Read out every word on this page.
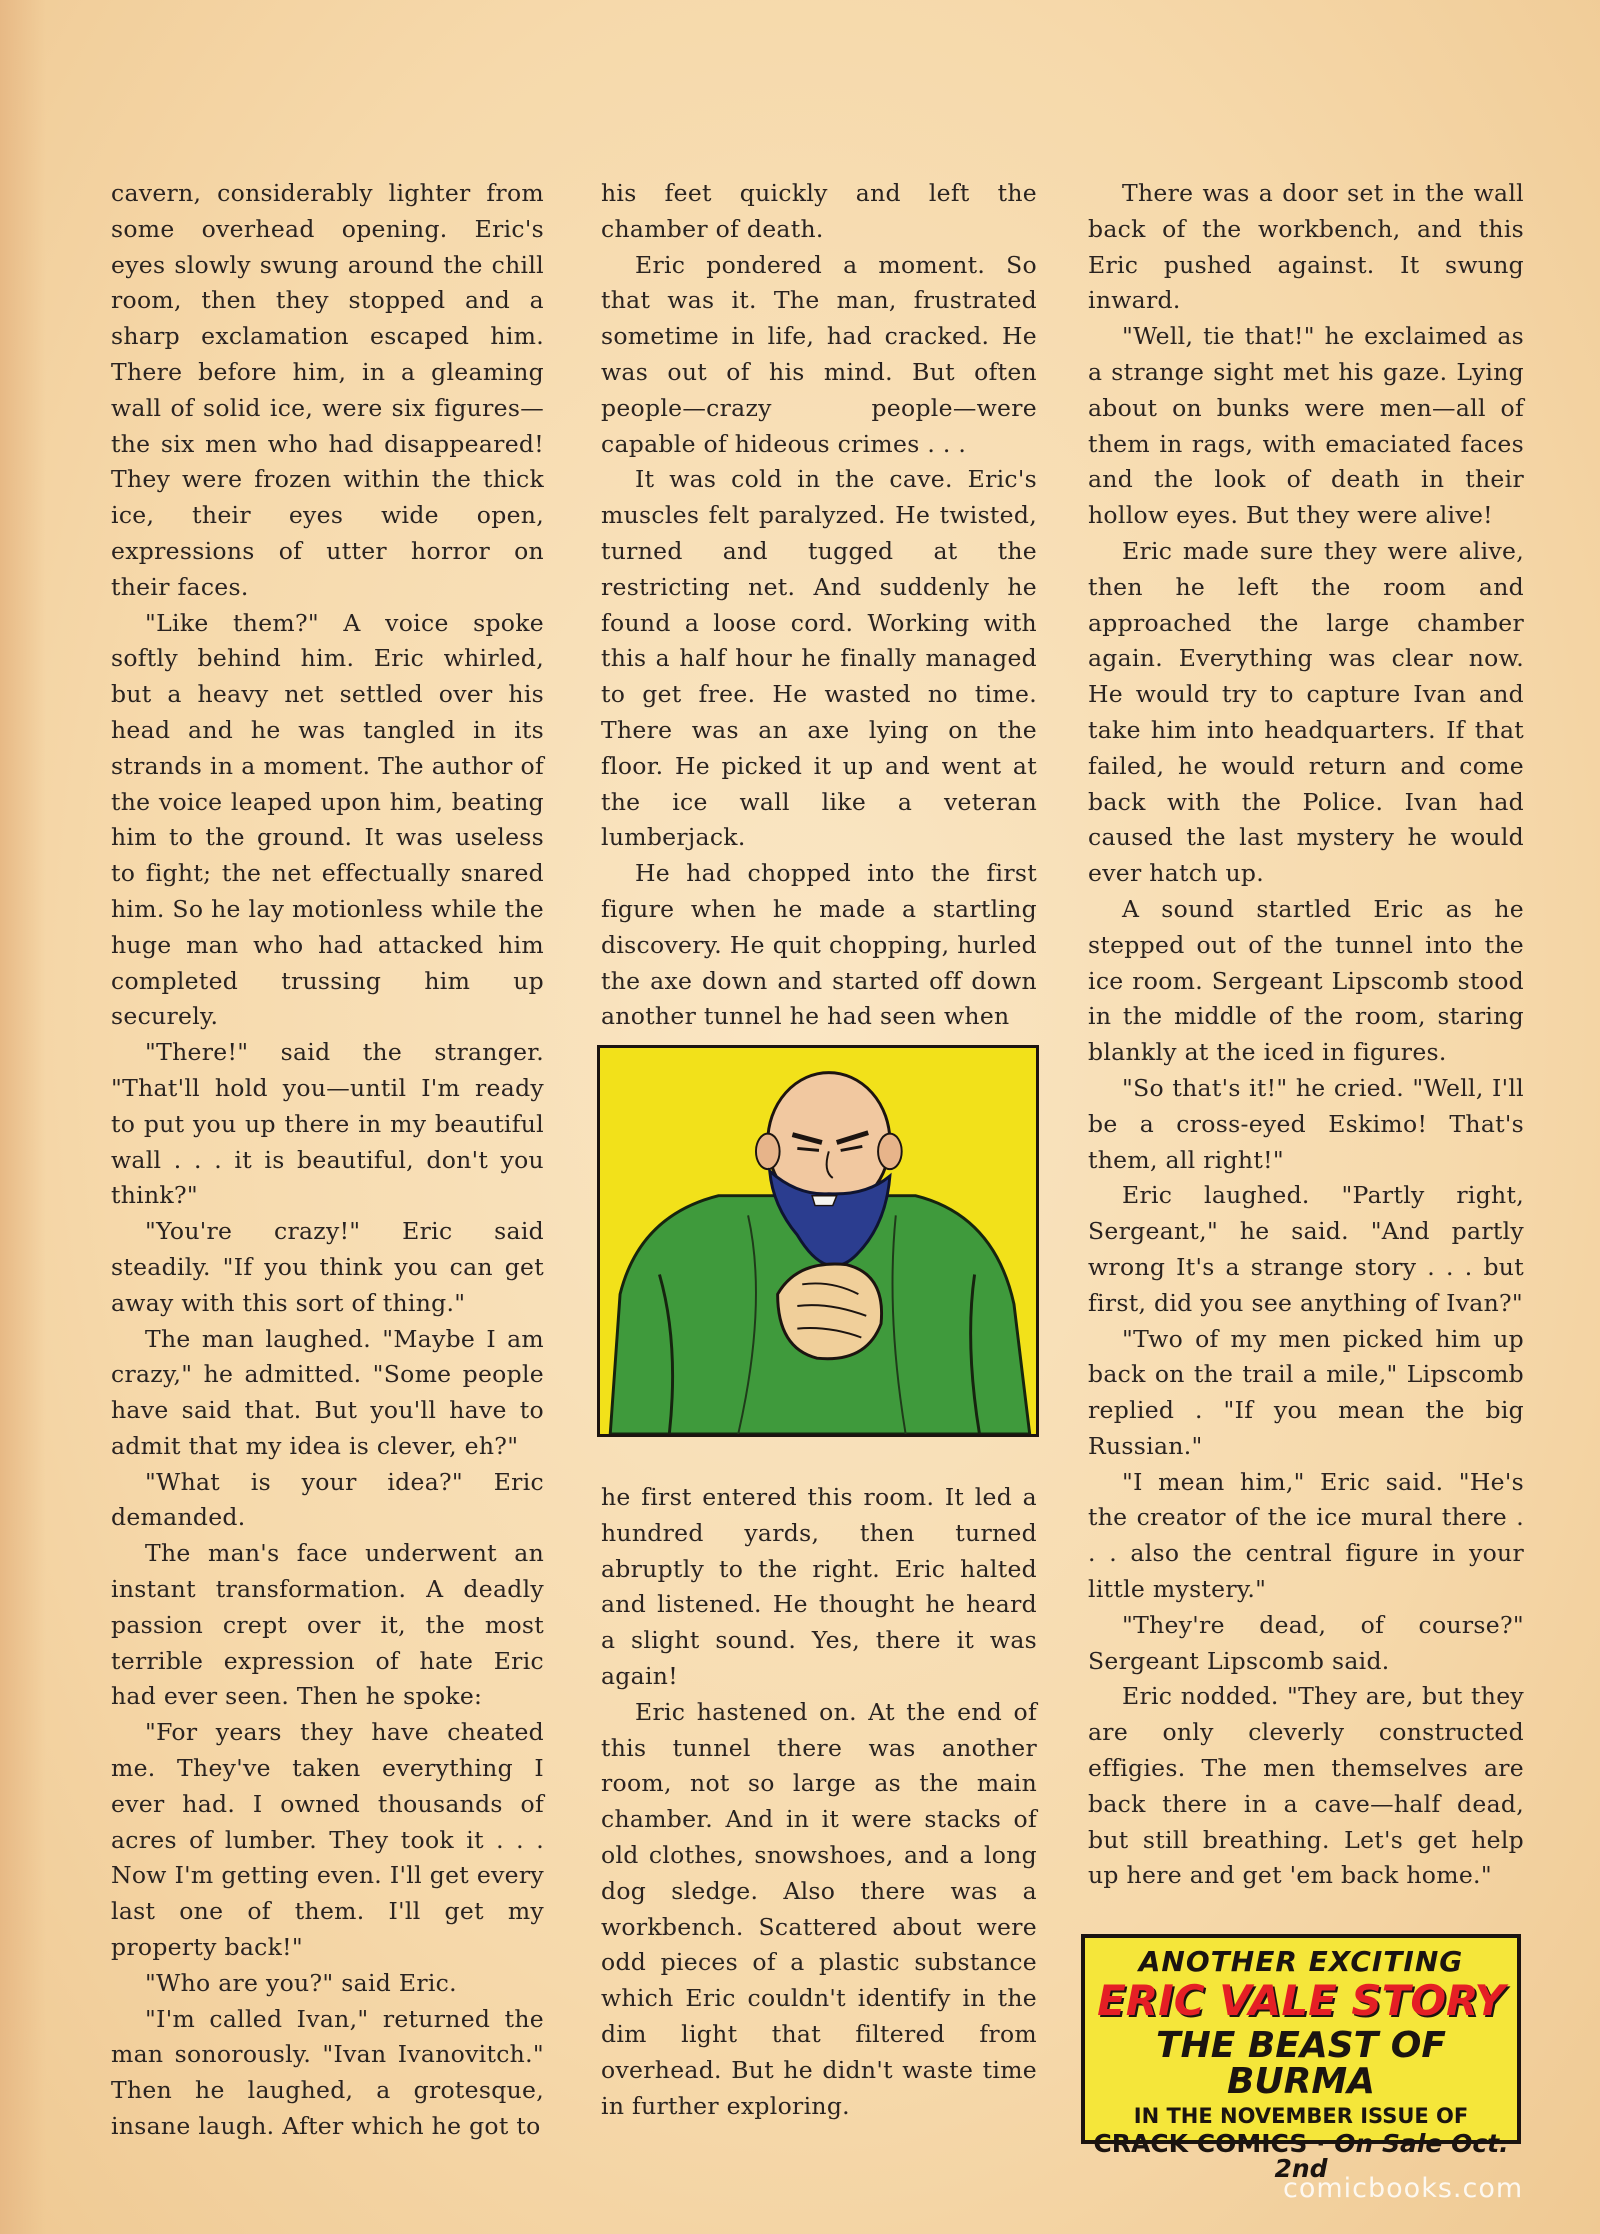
cavern, considerably lighter from some overhead opening. Eric's eyes slowly swung around the chill room, then they stopped and a sharp exclamation escaped him. There before him, in a gleaming wall of solid ice, were six figures—the six men who had disappeared! They were frozen within the thick ice, their eyes wide open, expressions of utter horror on their faces.

"Like them?" A voice spoke softly behind him. Eric whirled, but a heavy net settled over his head and he was tangled in its strands in a moment. The author of the voice leaped upon him, beating him to the ground. It was useless to fight; the net effectually snared him. So he lay motionless while the huge man who had attacked him completed trussing him up securely.

"There!" said the stranger. "That'll hold you—until I'm ready to put you up there in my beautiful wall . . . it is beautiful, don't you think?"

"You're crazy!" Eric said steadily. "If you think you can get away with this sort of thing."

The man laughed. "Maybe I am crazy," he admitted. "Some people have said that. But you'll have to admit that my idea is clever, eh?"

"What is your idea?" Eric demanded.

The man's face underwent an instant transformation. A deadly passion crept over it, the most terrible expression of hate Eric had ever seen. Then he spoke:

"For years they have cheated me. They've taken everything I ever had. I owned thousands of acres of lumber. They took it . . . Now I'm getting even. I'll get every last one of them. I'll get my property back!"

"Who are you?" said Eric.

"I'm called Ivan," returned the man sonorously. "Ivan Ivanovitch." Then he laughed, a grotesque, insane laugh. After which he got to

his feet quickly and left the chamber of death.

Eric pondered a moment. So that was it. The man, frustrated sometime in life, had cracked. He was out of his mind. But often people—crazy people—were capable of hideous crimes . . .

It was cold in the cave. Eric's muscles felt paralyzed. He twisted, turned and tugged at the restricting net. And suddenly he found a loose cord. Working with this a half hour he finally managed to get free. He wasted no time. There was an axe lying on the floor. He picked it up and went at the ice wall like a veteran lumberjack.

He had chopped into the first figure when he made a startling discovery. He quit chopping, hurled the axe down and started off down another tunnel he had seen when

he first entered this room. It led a hundred yards, then turned abruptly to the right. Eric halted and listened. He thought he heard a slight sound. Yes, there it was again!

Eric hastened on. At the end of this tunnel there was another room, not so large as the main chamber. And in it were stacks of old clothes, snowshoes, and a long dog sledge. Also there was a workbench. Scattered about were odd pieces of a plastic substance which Eric couldn't identify in the dim light that filtered from overhead. But he didn't waste time in further exploring.

There was a door set in the wall back of the workbench, and this Eric pushed against. It swung inward.

"Well, tie that!" he exclaimed as a strange sight met his gaze. Lying about on bunks were men—all of them in rags, with emaciated faces and the look of death in their hollow eyes. But they were alive!

Eric made sure they were alive, then he left the room and approached the large chamber again. Everything was clear now. He would try to capture Ivan and take him into headquarters. If that failed, he would return and come back with the Police. Ivan had caused the last mystery he would ever hatch up.

A sound startled Eric as he stepped out of the tunnel into the ice room. Sergeant Lipscomb stood in the middle of the room, staring blankly at the iced in figures.

"So that's it!" he cried. "Well, I'll be a cross-eyed Eskimo! That's them, all right!"

Eric laughed. "Partly right, Sergeant," he said. "And partly wrong It's a strange story . . . but first, did you see anything of Ivan?"

"Two of my men picked him up back on the trail a mile," Lipscomb replied . "If you mean the big Russian."

"I mean him," Eric said. "He's the creator of the ice mural there . . . also the central figure in your little mystery."

"They're dead, of course?" Sergeant Lipscomb said.

Eric nodded. "They are, but they are only cleverly constructed effigies. The men themselves are back there in a cave—half dead, but still breathing. Let's get help up here and get 'em back home."

ANOTHER EXCITING
ERIC VALE STORY
THE BEAST OF BURMA
IN THE NOVEMBER ISSUE OF
CRACK COMICS · On Sale Oct. 2nd
comicbooks.com
